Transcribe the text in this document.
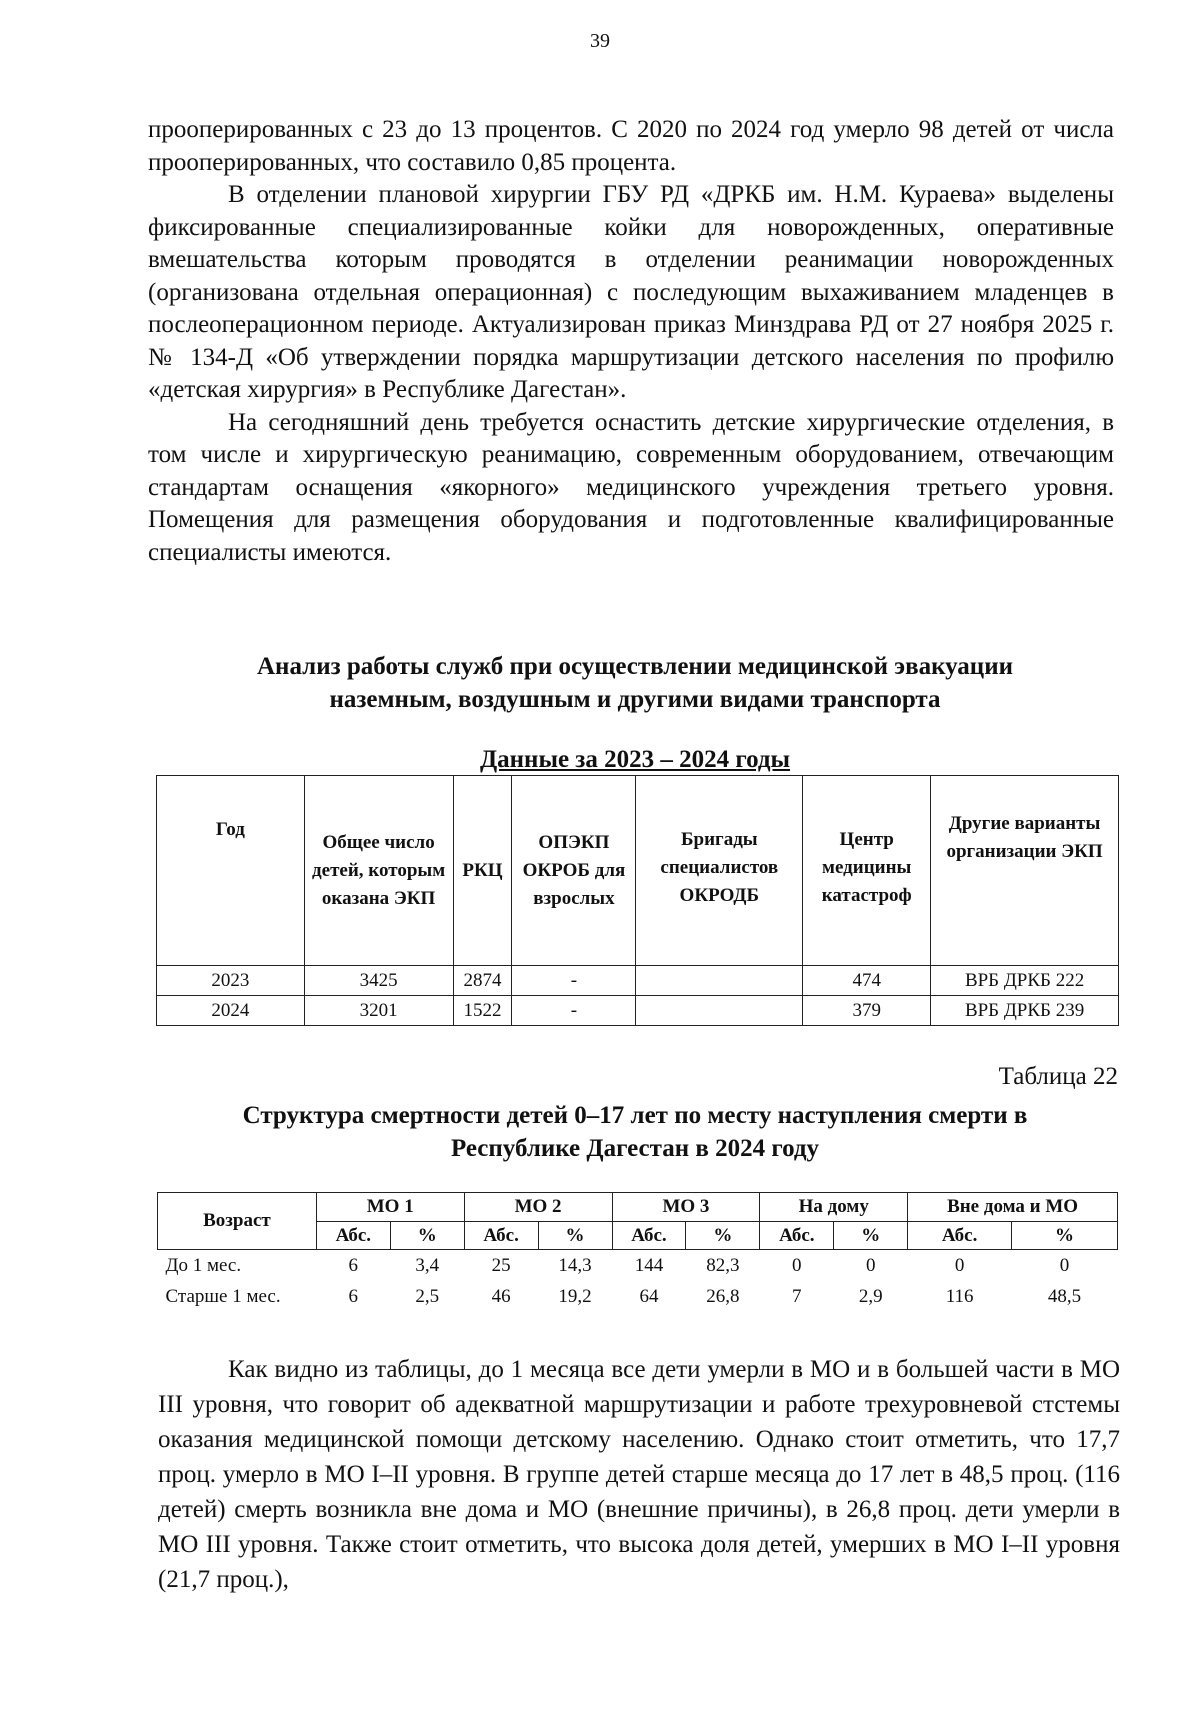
39

прооперированных с 23 до 13 процентов. С 2020 по 2024 год умерло 98 детей от числа прооперированных, что составило 0,85 процента.

В отделении плановой хирургии ГБУ РД «ДРКБ им. Н.М. Кураева» выделены фиксированные специализированные койки для новорожденных, оперативные вмешательства которым проводятся в отделении реанимации новорожденных (организована отдельная операционная) с последующим выхаживанием младенцев в послеоперационном периоде. Актуализирован приказ Минздрава РД от 27 ноября 2025 г. № 134-Д «Об утверждении порядка маршрутизации детского населения по профилю «детская хирургия» в Республике Дагестан».

На сегодняшний день требуется оснастить детские хирургические отделения, в том числе и хирургическую реанимацию, современным оборудованием, отвечающим стандартам оснащения «якорного» медицинского учреждения третьего уровня. Помещения для размещения оборудования и подготовленные квалифицированные специалисты имеются.

Анализ работы служб при осуществлении медицинской эвакуации

наземным, воздушным и другими видами транспорта

Данные за 2023 – 2024 годы

Год	Общее число детей, которым оказана ЭКП	РКЦ	ОПЭКП ОКРОБ для взрослых	Бригады специалистов ОКРОДБ	Центр медицины катастроф	Другие варианты организации ЭКП
2023	3425	2874	-		474	ВРБ ДРКБ 222
2024	3201	1522	-		379	ВРБ ДРКБ 239
Таблица 22

Структура смертности детей 0–17 лет по месту наступления смерти в

Республике Дагестан в 2024 году

Возраст	МО 1		МО 2		МО 3		На дому		Вне дома и МО	
	Абс.	%	Абс.	%	Абс.	%	Абс.	%	Абс.	%
До 1 мес.	6	3,4	25	14,3	144	82,3	0	0	0	0
Старше 1 мес.	6	2,5	46	19,2	64	26,8	7	2,9	116	48,5

Как видно из таблицы, до 1 месяца все дети умерли в МО и в большей части в МО III уровня, что говорит об адекватной маршрутизации и работе трехуровневой стстемы оказания медицинской помощи детскому населению. Однако стоит отметить, что 17,7 проц. умерло в МО I–II уровня. В группе детей старше месяца до 17 лет в 48,5 проц. (116 детей) смерть возникла вне дома и МО (внешние причины), в 26,8 проц. дети умерли в МО III уровня. Также стоит отметить, что высока доля детей, умерших в МО I–II уровня (21,7 проц.),
